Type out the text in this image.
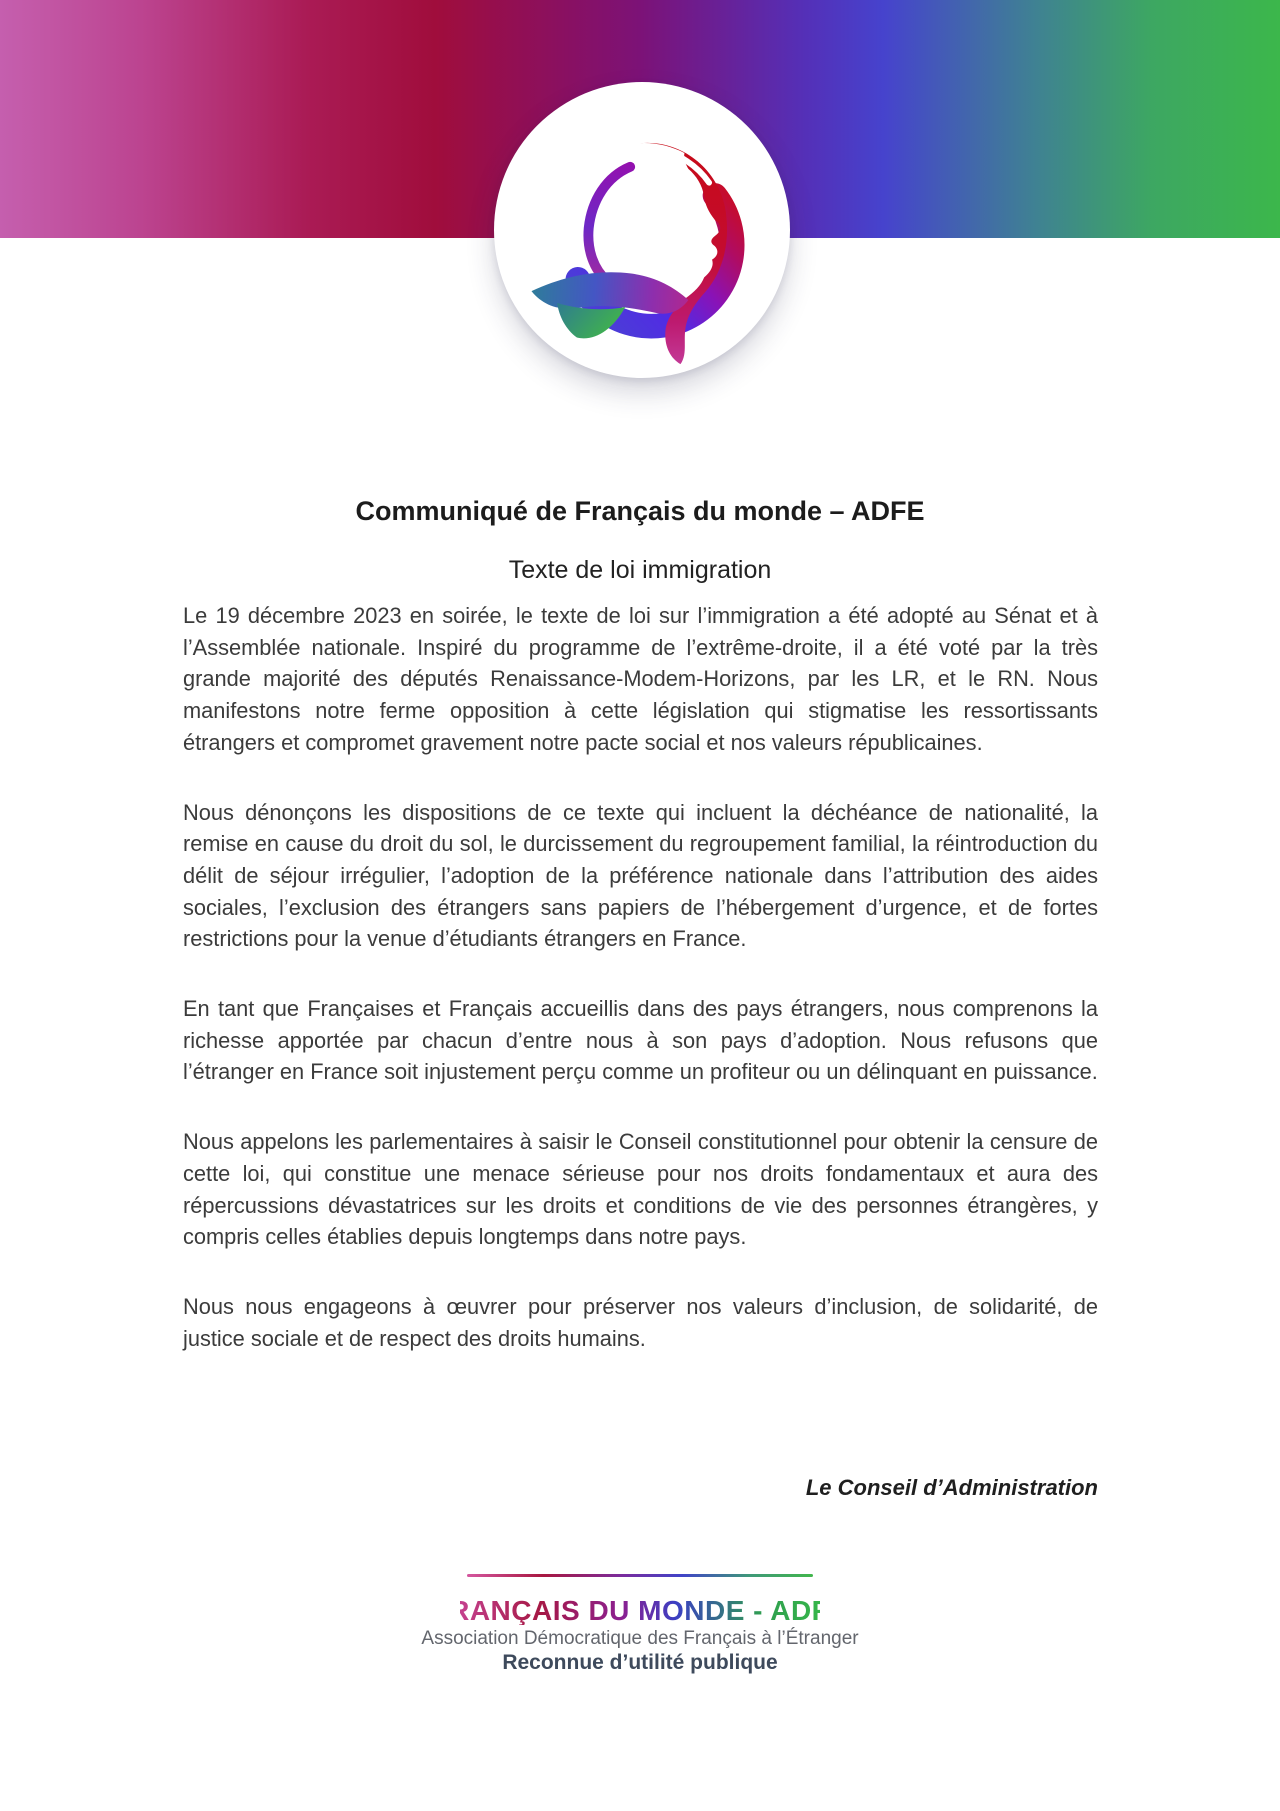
Communiqué de Français du monde – ADFE
Texte de loi immigration

Le 19 décembre 2023 en soirée, le texte de loi sur l’immigration a été adopté au Sénat et à l’Assemblée nationale. Inspiré du programme de l’extrême-droite, il a été voté par la très grande majorité des députés Renaissance-Modem-Horizons, par les LR, et le RN. Nous manifestons notre ferme opposition à cette législation qui stigmatise les ressortissants étrangers et compromet gravement notre pacte social et nos valeurs républicaines.

Nous dénonçons les dispositions de ce texte qui incluent la déchéance de nationalité, la remise en cause du droit du sol, le durcissement du regroupement familial, la réintroduction du délit de séjour irrégulier, l’adoption de la préférence nationale dans l’attribution des aides sociales, l’exclusion des étrangers sans papiers de l’hébergement d’urgence, et de fortes restrictions pour la venue d’étudiants étrangers en France.

En tant que Françaises et Français accueillis dans des pays étrangers, nous comprenons la richesse apportée par chacun d’entre nous à son pays d’adoption. Nous refusons que l’étranger en France soit injustement perçu comme un profiteur ou un délinquant en puissance.

Nous appelons les parlementaires à saisir le Conseil constitutionnel pour obtenir la censure de cette loi, qui constitue une menace sérieuse pour nos droits fondamentaux et aura des répercussions dévastatrices sur les droits et conditions de vie des personnes étrangères, y compris celles établies depuis longtemps dans notre pays.

Nous nous engageons à œuvrer pour préserver nos valeurs d’inclusion, de solidarité, de justice sociale et de respect des droits humains.

Le Conseil d’Administration

FRANÇAIS DU MONDE - ADFE
Association Démocratique des Français à l’Étranger
Reconnue d’utilité publique
